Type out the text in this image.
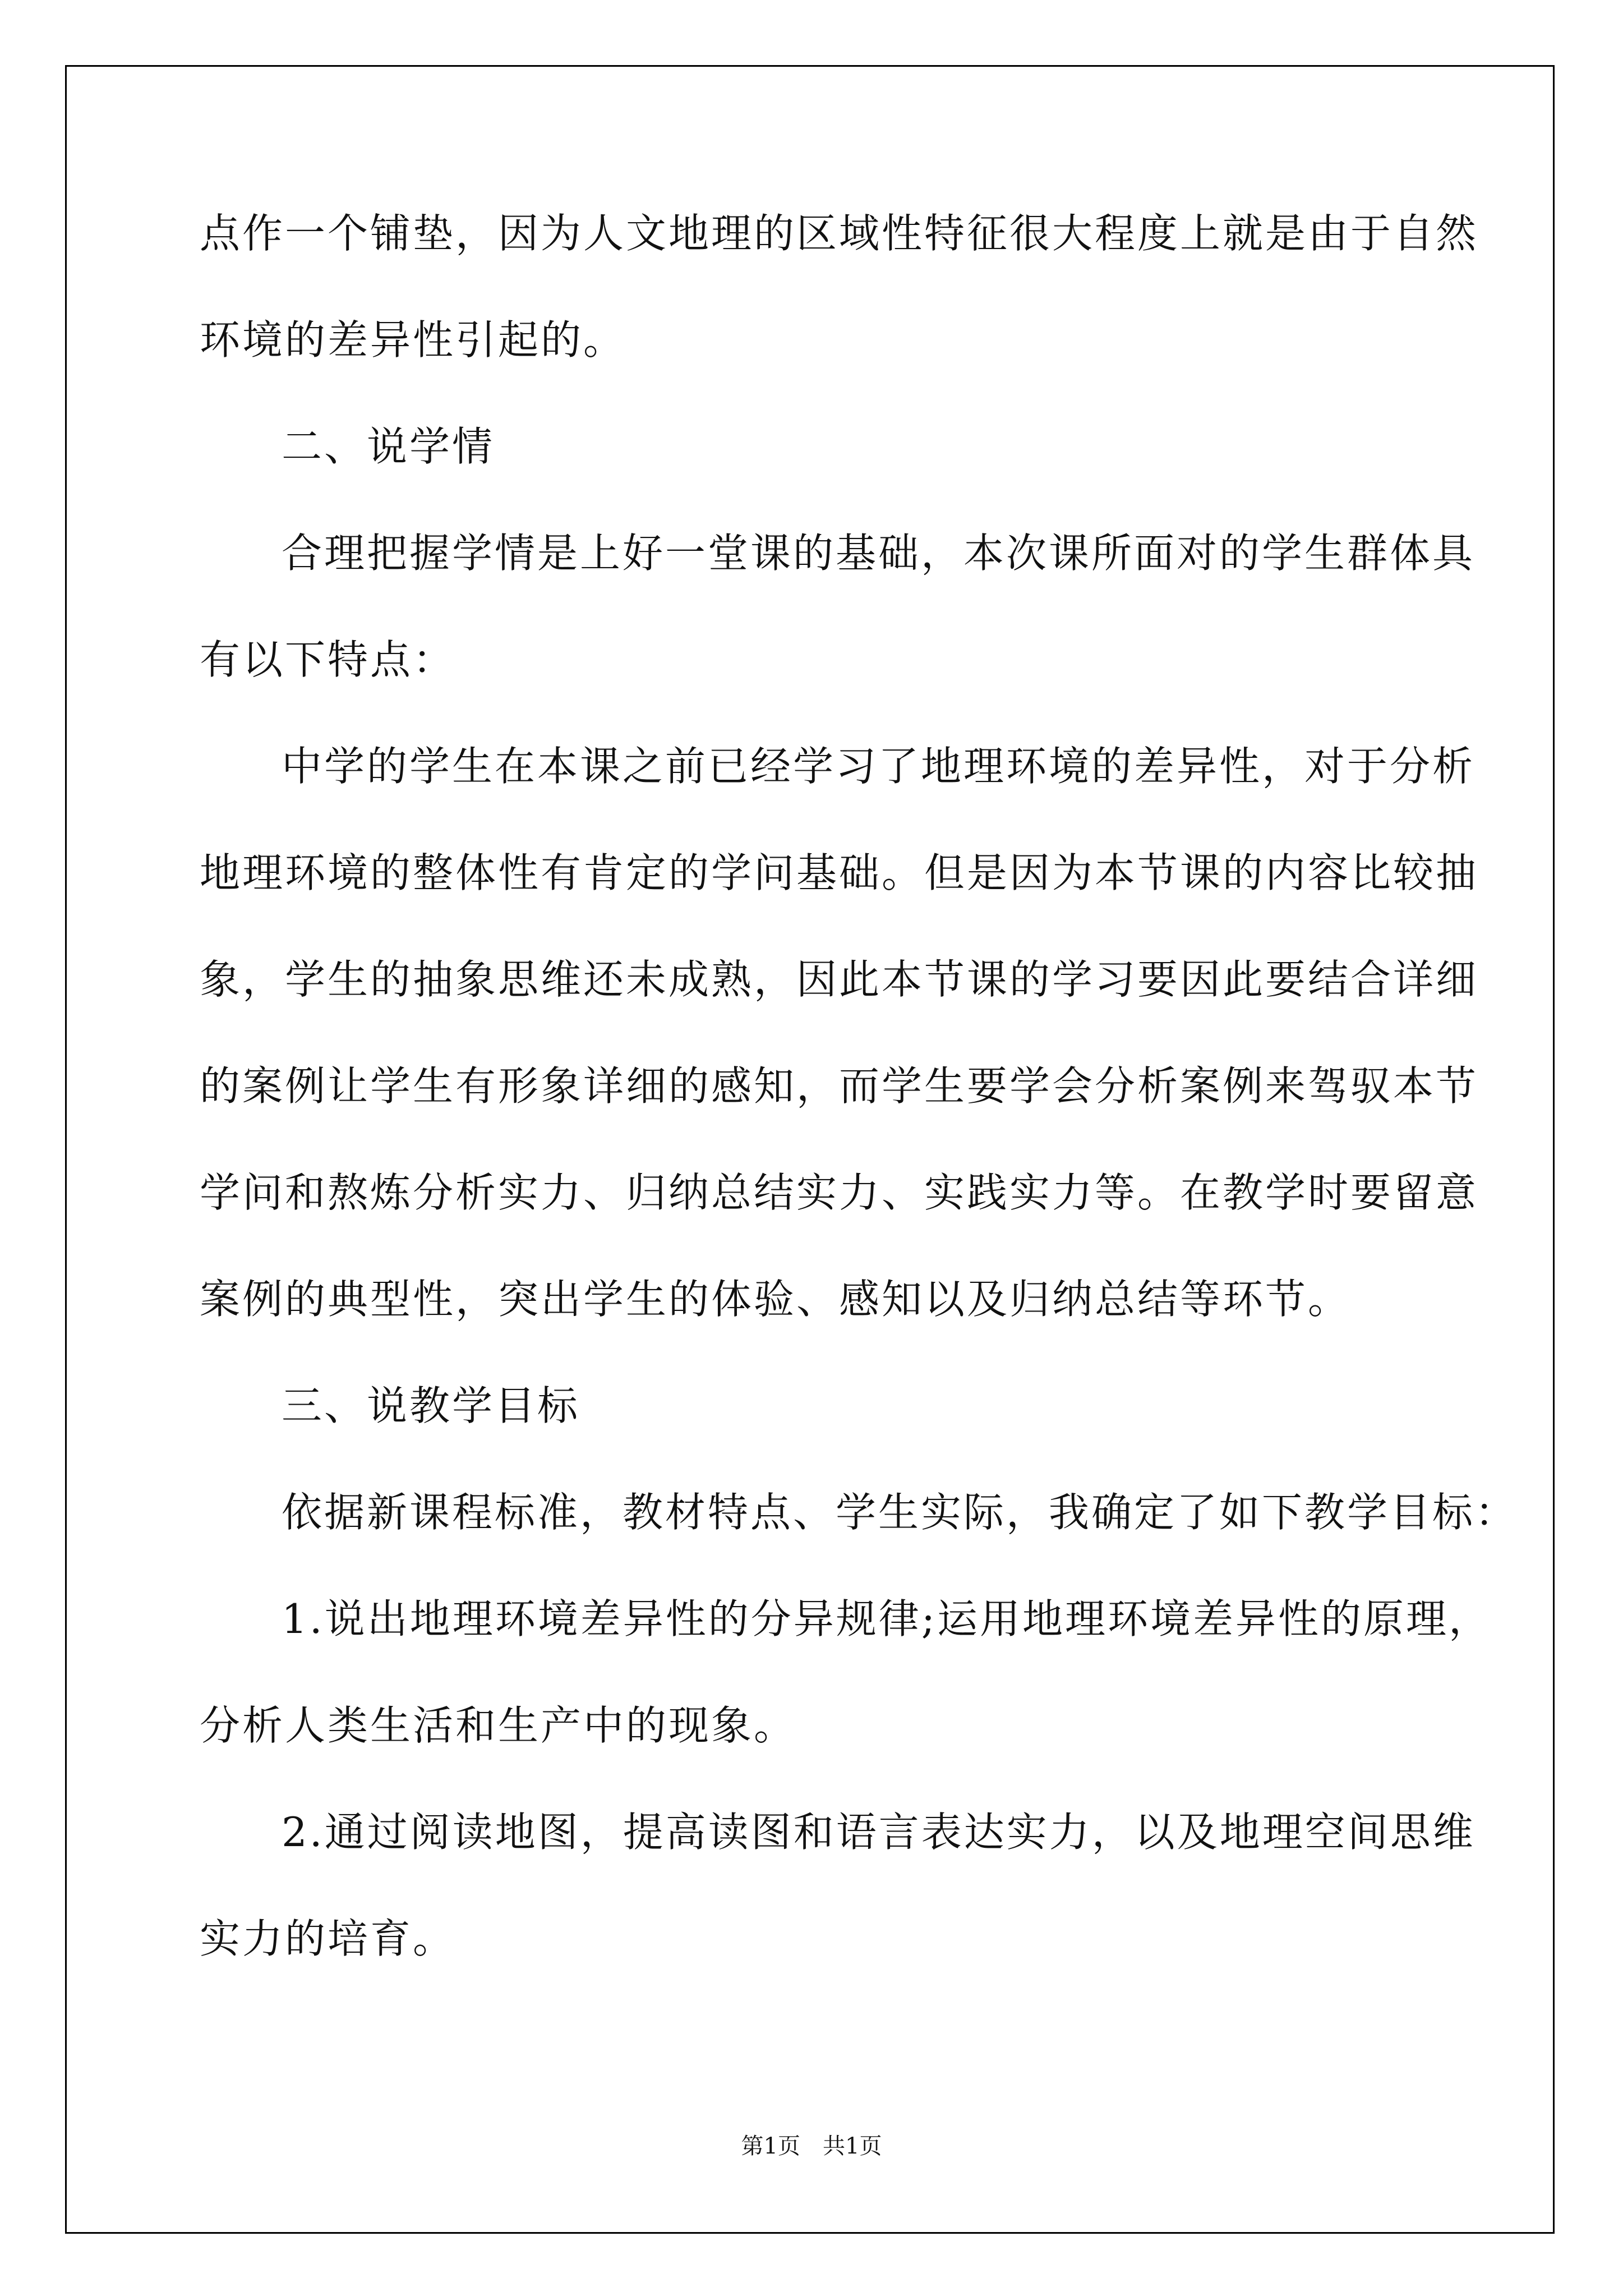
点作一个铺垫，因为人文地理的区域性特征很大程度上就是由于自然
环境的差异性引起的。
二、说学情
合理把握学情是上好一堂课的基础，本次课所面对的学生群体具
有以下特点：
中学的学生在本课之前已经学习了地理环境的差异性，对于分析
地理环境的整体性有肯定的学问基础。但是因为本节课的内容比较抽
象，学生的抽象思维还未成熟，因此本节课的学习要因此要结合详细
的案例让学生有形象详细的感知，而学生要学会分析案例来驾驭本节
学问和熬炼分析实力、归纳总结实力、实践实力等。在教学时要留意
案例的典型性，突出学生的体验、感知以及归纳总结等环节。
三、说教学目标
依据新课程标准，教材特点、学生实际，我确定了如下教学目标：
1.说出地理环境差异性的分异规律;运用地理环境差异性的原理，
分析人类生活和生产中的现象。
2.通过阅读地图，提高读图和语言表达实力，以及地理空间思维
实力的培育。
第1页　共1页
